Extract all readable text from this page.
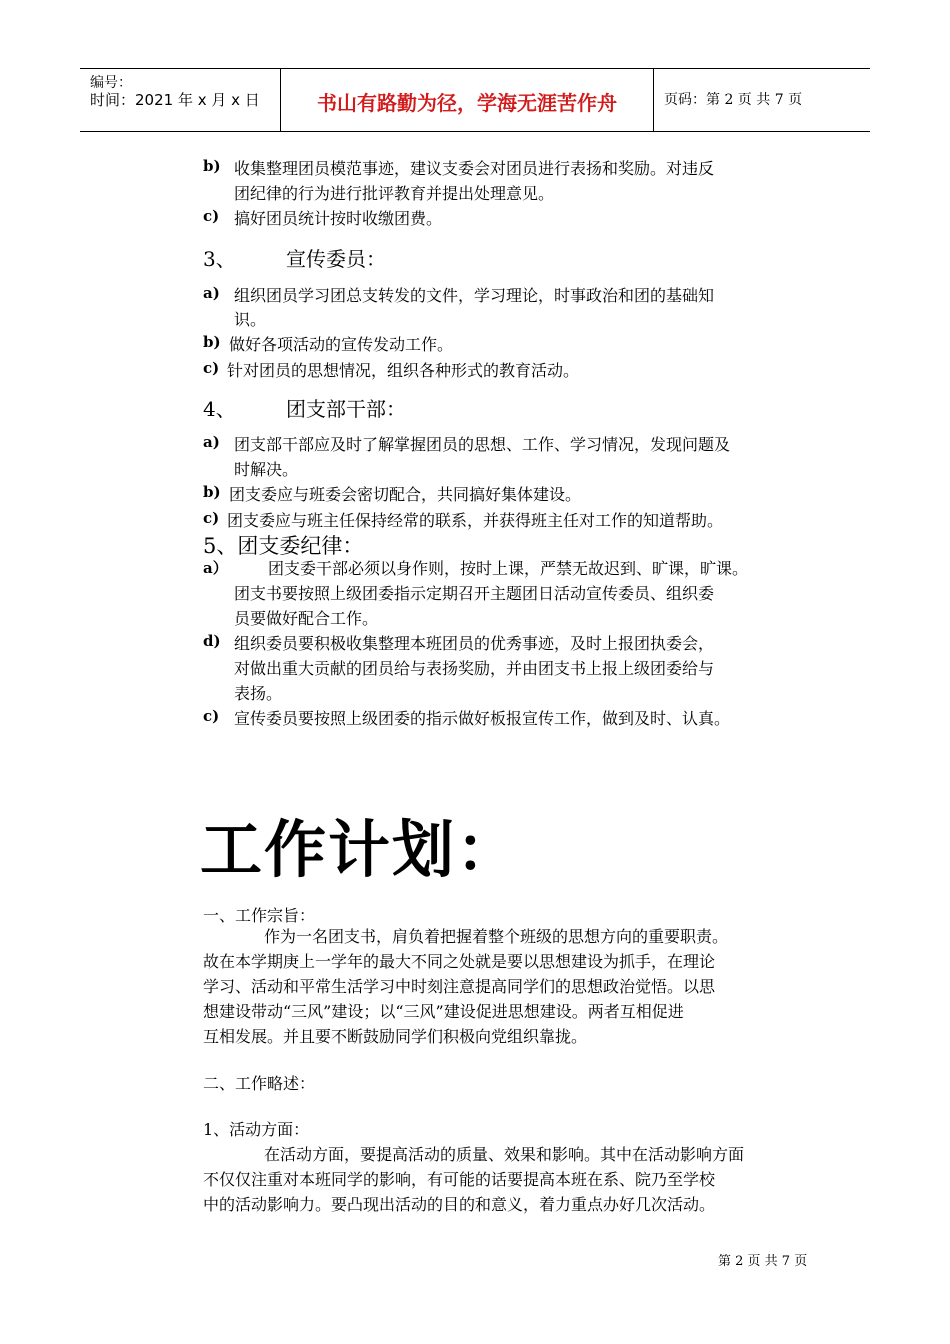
编号：
时间：2021 年 x 月 x 日	书山有路勤为径，学海无涯苦作舟	页码：第 2 页 共 7 页
b) 收集整理团员模范事迹，建议支委会对团员进行表扬和奖励。对违反
团纪律的行为进行批评教育并提出处理意见。
c) 搞好团员统计按时收缴团费。
3、	宣传委员：
a) 组织团员学习团总支转发的文件，学习理论，时事政治和团的基础知
识。
b) 做好各项活动的宣传发动工作。
c) 针对团员的思想情况，组织各种形式的教育活动。
4、	团支部干部：
a) 团支部干部应及时了解掌握团员的思想、工作、学习情况，发现问题及
时解决。
b) 团支委应与班委会密切配合，共同搞好集体建设。
c) 团支委应与班主任保持经常的联系，并获得班主任对工作的知道帮助。
5、团支委纪律：
a）	团支委干部必须以身作则，按时上课，严禁无故迟到、旷课，旷课。
团支书要按照上级团委指示定期召开主题团日活动宣传委员、组织委
员要做好配合工作。
d) 组织委员要积极收集整理本班团员的优秀事迹，及时上报团执委会，
对做出重大贡献的团员给与表扬奖励，并由团支书上报上级团委给与
表扬。
c) 宣传委员要按照上级团委的指示做好板报宣传工作，做到及时、认真。
工作计划：
一、工作宗旨：
作为一名团支书，肩负着把握着整个班级的思想方向的重要职责。
故在本学期庚上一学年的最大不同之处就是要以思想建设为抓手，在理论
学习、活动和平常生活学习中时刻注意提高同学们的思想政治觉悟。以思
想建设带动“三风”建设；以“三风”建设促进思想建设。两者互相促进
互相发展。并且要不断鼓励同学们积极向党组织靠拢。
二、工作略述：
1、活动方面：
在活动方面，要提高活动的质量、效果和影响。其中在活动影响方面
不仅仅注重对本班同学的影响，有可能的话要提高本班在系、院乃至学校
中的活动影响力。要凸现出活动的目的和意义，着力重点办好几次活动。
第 2 页 共 7 页
